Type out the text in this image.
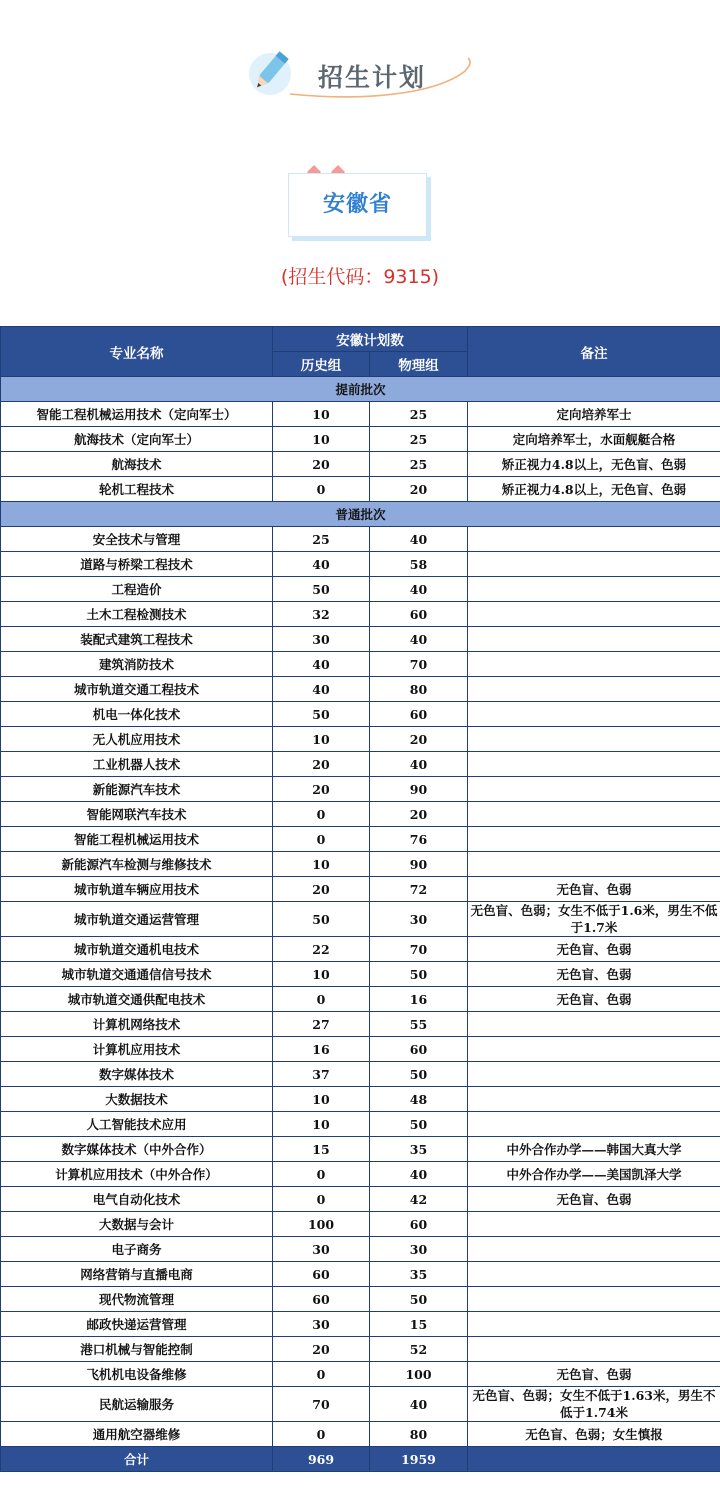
招生计划
安徽省
(招生代码：9315)
专业名称	安徽计划数		备注
	历史组	物理组	
提前批次			
智能工程机械运用技术（定向军士）	10	25	定向培养军士
航海技术（定向军士）	10	25	定向培养军士，水面舰艇合格
航海技术	20	25	矫正视力4.8以上，无色盲、色弱
轮机工程技术	0	20	矫正视力4.8以上，无色盲、色弱
普通批次			
安全技术与管理	25	40	
道路与桥梁工程技术	40	58	
工程造价	50	40	
土木工程检测技术	32	60	
装配式建筑工程技术	30	40	
建筑消防技术	40	70	
城市轨道交通工程技术	40	80	
机电一体化技术	50	60	
无人机应用技术	10	20	
工业机器人技术	20	40	
新能源汽车技术	20	90	
智能网联汽车技术	0	20	
智能工程机械运用技术	0	76	
新能源汽车检测与维修技术	10	90	
城市轨道车辆应用技术	20	72	无色盲、色弱
城市轨道交通运营管理	50	30	无色盲、色弱；女生不低于1.6米，男生不低于1.7米
城市轨道交通机电技术	22	70	无色盲、色弱
城市轨道交通通信信号技术	10	50	无色盲、色弱
城市轨道交通供配电技术	0	16	无色盲、色弱
计算机网络技术	27	55	
计算机应用技术	16	60	
数字媒体技术	37	50	
大数据技术	10	48	
人工智能技术应用	10	50	
数字媒体技术（中外合作）	15	35	中外合作办学——韩国大真大学
计算机应用技术（中外合作）	0	40	中外合作办学——美国凯泽大学
电气自动化技术	0	42	无色盲、色弱
大数据与会计	100	60	
电子商务	30	30	
网络营销与直播电商	60	35	
现代物流管理	60	50	
邮政快递运营管理	30	15	
港口机械与智能控制	20	52	
飞机机电设备维修	0	100	无色盲、色弱
民航运输服务	70	40	无色盲、色弱；女生不低于1.63米，男生不低于1.74米
通用航空器维修	0	80	无色盲、色弱；女生慎报
合计	969	1959	
